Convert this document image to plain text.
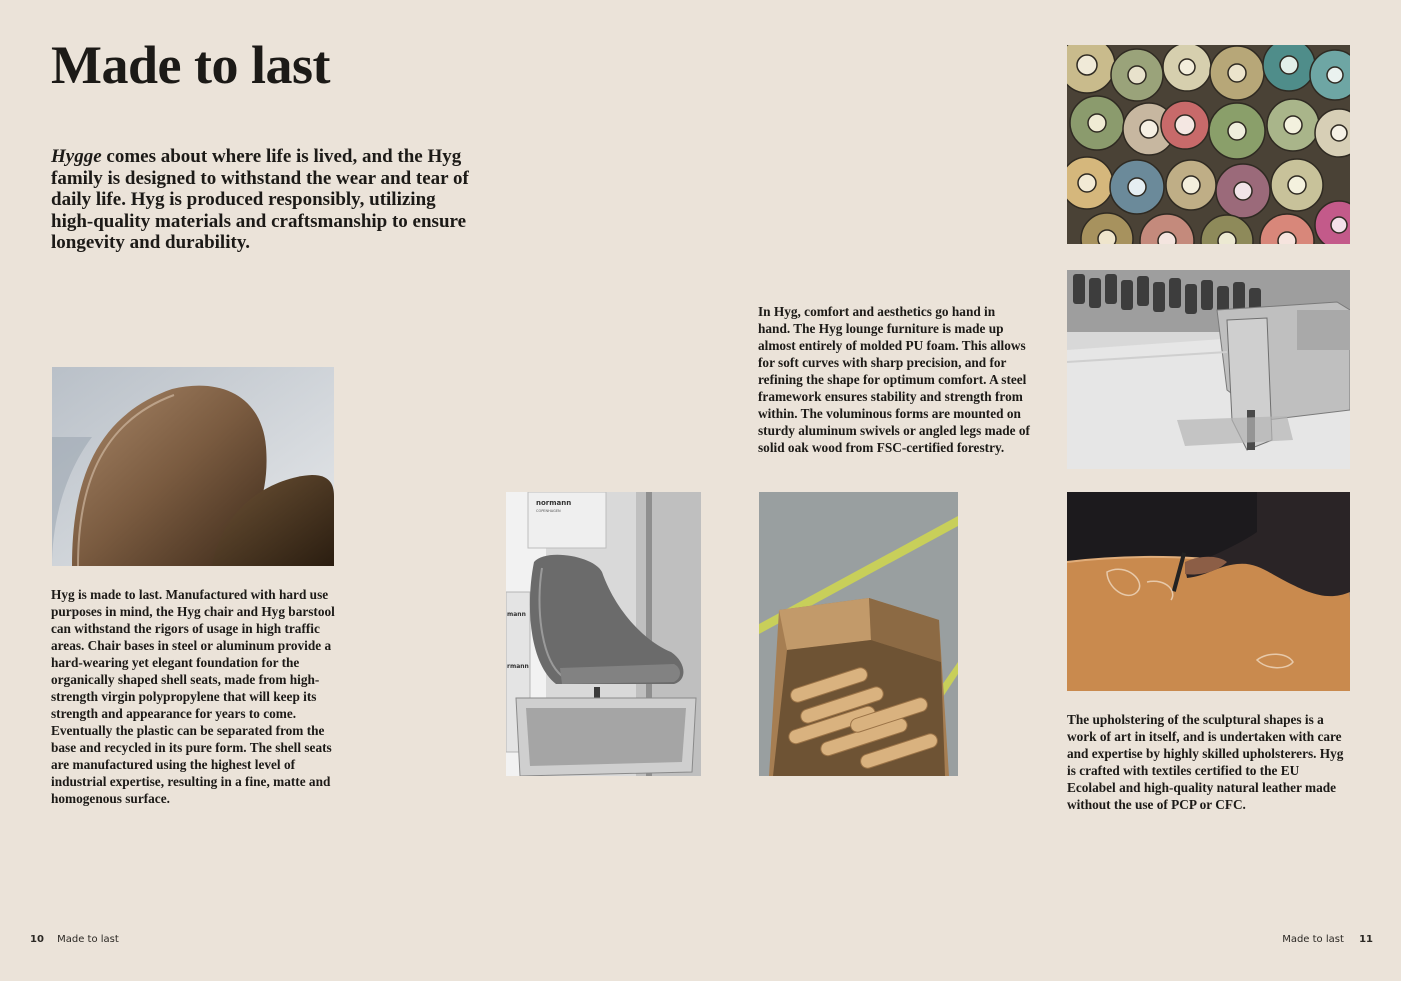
Made to last

Hygge comes about where life is lived, and the Hyg family is designed to withstand the wear and tear of daily life. Hyg is produced responsibly, utilizing high-quality materials and craftsmanship to ensure longevity and durability.

Hyg is made to last. Manufactured with hard use purposes in mind, the Hyg chair and Hyg barstool can withstand the rigors of usage in high traffic areas. Chair bases in steel or aluminum provide a hard-wearing yet elegant foundation for the organically shaped shell seats, made from high-strength virgin polypropylene that will keep its strength and appearance for years to come. Eventually the plastic can be separated from the base and recycled in its pure form. The shell seats are manufactured using the highest level of industrial expertise, resulting in a fine, matte and homogenous surface.

normann
COPENHAGEN
mann
rmann

In Hyg, comfort and aesthetics go hand in hand. The Hyg lounge furniture is made up almost entirely of molded PU foam. This allows for soft curves with sharp precision, and for refining the shape for optimum comfort. A steel framework ensures stability and strength from within. The voluminous forms are mounted on sturdy aluminum swivels or angled legs made of solid oak wood from FSC-certified forestry.

The upholstering of the sculptural shapes is a work of art in itself, and is undertaken with care and expertise by highly skilled upholsterers. Hyg is crafted with textiles certified to the EU Ecolabel and high-quality natural leather made without the use of PCP or CFC.

10 Made to last	Made to last 11
